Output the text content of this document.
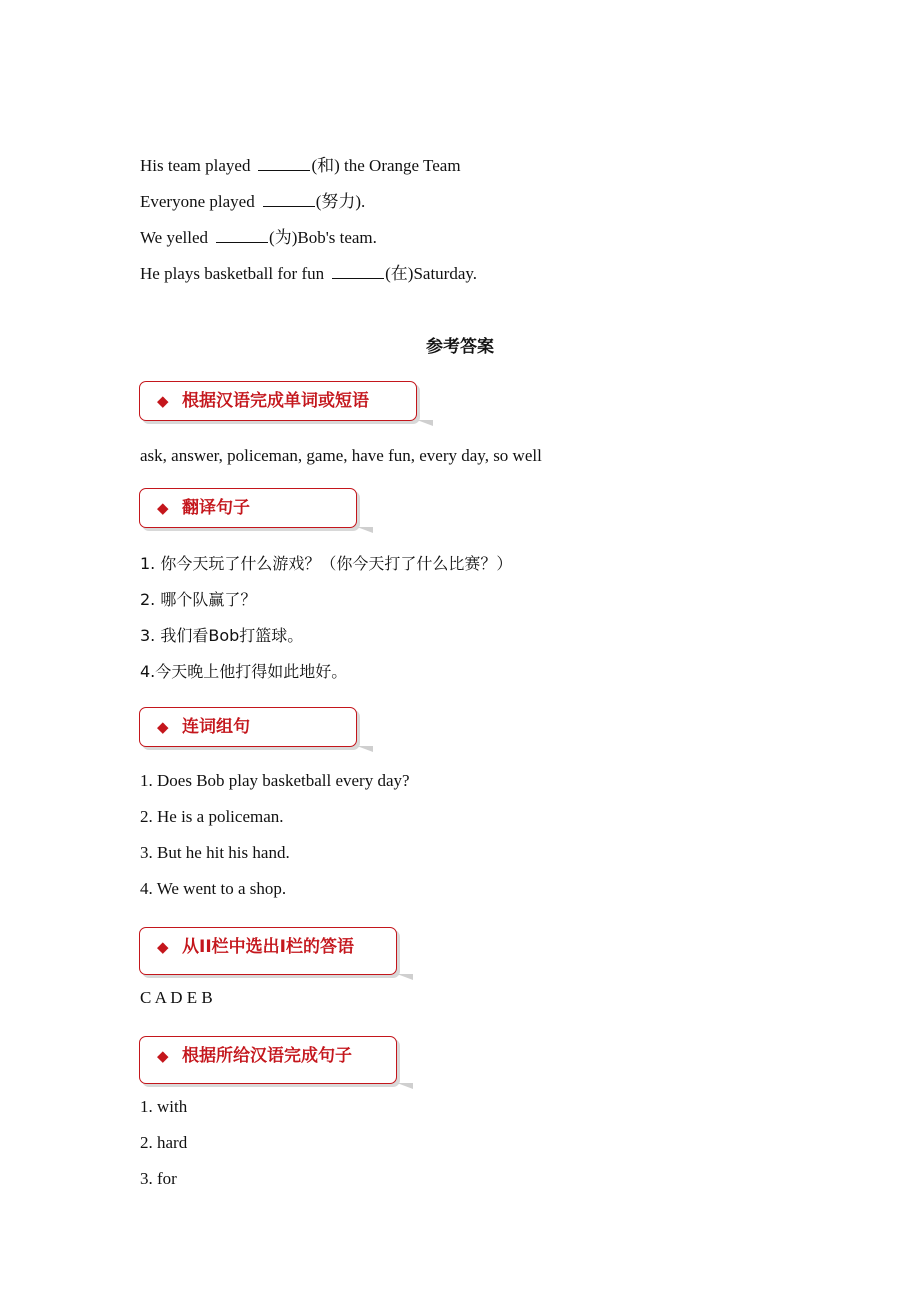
His team played	(和) the Orange Team
Everyone played	(努力).
We yelled	(为)Bob's team.
He plays basketball for fun	(在)Saturday.
参考答案
◆ 根据汉语完成单词或短语
ask, answer, policeman, game, have fun, every day, so well
◆ 翻译句子
1. 你今天玩了什么游戏？（你今天打了什么比赛？）
2. 哪个队赢了？
3. 我们看Bob打篮球。
4.今天晚上他打得如此地好。
◆ 连词组句
1. Does Bob play basketball every day?
2. He is a policeman.
3. But he hit his hand.
4. We went to a shop.
◆ 从II栏中选出I栏的答语
C A D E B
◆ 根据所给汉语完成句子
1. with
2. hard
3. for
